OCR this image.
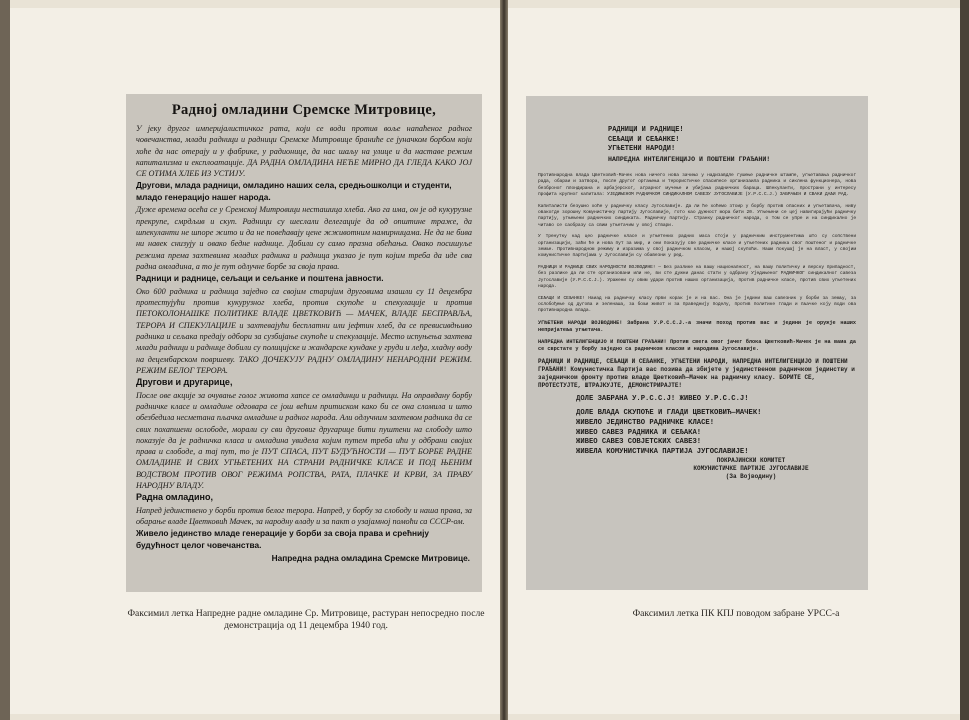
Радној омладини Сремске Митровице,
У јеку другог империјалистичког рата, који се води против воље напаћеног радног човечанства, млади радници и радници Сремске Митровице браниће се јуначком борбом који хоће да нас отерају и у фабрике, у радионице, да нас шаљу на улице и да наставе режим капитализма и експлоатације. ДА РАДНА ОМЛАДИНА НЕЋЕ МИРНО ДА ГЛЕДА КАКО ЈОЈ СЕ ОТИМА ХЛЕБ ИЗ УСТИЈУ.
Другови, млада радници, омладинo наших села, средњошколци и студенти, младо генерацијо нашег народа.
Дуже времена осећа се у Сремској Митровици несташица хлеба. Ако га има, он је од кукурузне прекрупе, смрдљив и скуп. Радници су шеслали делегације да од општине траже, да шпекуланти не шпоре жито и да не повећавају цене жживотним намирницама. Не да не бива ни навек снизују и овако бедне наднице. Добили су само празна обећања. Овако посишуље режима према захтевима младих радника и радница указао је пут којим треба да иде сва радна омладина, а то је пут одлучне борбе за своја права.
Радници и раднице, сељаци и сељанке и поштена јавности.
Око 600 радника и радница заједно са својим старијим друговима изашли су 11 децембра протестујући против кукурузног хлеба, против скупоће и спекулације и против ПЕТОКОЛОНАШКЕ ПОЛИТИКЕ ВЛАДЕ ЦВЕТКОВИЋ — МАЧЕК, ВЛАДЕ БЕСПРАВЉА, ТЕРОРА И СПЕКУЛАЦИЈЕ и захтевајући бесплатни или јефтин хлеб, да се превисивдњиво радника и сељака предају одбори за сузбијање скупоће и спекулације. Место испуњења захтева млади радници и раднице добили су полицијске и жандарске кундаке у груди и леђа, хладну воду на децембарском површеву. ТАКО ДОЧЕКУЈУ РАДНУ ОМЛАДИНУ НЕНАРОДНИ РЕЖИМ. РЕЖИМ БЕЛОГ ТЕРОРА.
Другови и другарице,
После ове акције за очување голог живота хапсе се омладинци и радници. На оправдану борбу радничке класе и омладине одговара се још већим притиском како би се она сломила и што обезбедила несметана пљачка омладине и радног народа. Али одлучним захтевом радника да се свих похапшени ослободе, морали су сви друговиг другарице бити пуштени на слободу што показује да је радничка класа и омладина увидела којим путем треба ићи у одбрани својих права и слободе, а тај пут, то је ПУТ СПАСА, ПУТ БУДУЋНОСТИ — ПУТ БОРБЕ РАДНЕ ОМЛАДИНЕ И СВИХ УГЊЕТЕНИХ НА СТРАНИ РАДНИЧКЕ КЛАСЕ И ПОД ЊЕНИМ ВОДСТВОМ ПРОТИВ ОВОГ РЕЖИМА РОПСТВА, РАТА, ПЛАЧКЕ И КРВИ, ЗА ПРАВУ НАРОДНУ ВЛАДУ.
Радна омладино,
Напред јединствено у борби против белог терора. Напред, у борбу за слободу и наша права, за обарање владе Цветковић Мачек, за народну владу и за пакт о узајамној помоћи са СССР-ом.
Живело јединство младе генерације у борби за своја права и срећнију будућност целог човечанства.
Напредна радна омладина Сремске Митровице.
Факсимил летка Напредне радне омладине Ср. Митровице, растуран непосредно после демонстрација од 11 децембра 1940 год.
РАДНИЦИ И РАДНИЦЕ!
СЕЉАЦИ И СЕЉАНКЕ!
УГЊЕТЕНИ НАРОДИ!
НАПРЕДНА ИНТЕЛИГЕНЦИЈО И ПОШТЕНИ ГРАЂАНИ!
Противнародна влада Цветковић-Мачек нова ничего нова зачињо у надизавдле гушење радничке штампе, угњетавања радничког рада, обараи и затвора, после другог оргањења и терористичке спасипесе организаила радника и сиклена функционера, нова безброног плондирана и арбајерског, аграрног мучење и убијања радничких бараца. Шпекуланти, пространи у интересу профита крупног капитала: УЈЕДИЊЕНОМ РАДНИЧКОМ СИНДИКАЛНОМ САВЕЗУ ЈУГОСЛАВИЈЕ (У.Р.С.С.Ј.) ЗАБРАЊЕН И СВАКИ ДАЉИ РАД.
Капиталисти безушно хоће у радничку класу Југославије. Да ли ће хоћемо зтоир у борбу против опасних и угњетавача, ниву овакогде зорошну Комунистичку партију Југославије, гото као дужност мора бити 20. Угњењени се цеј навигирајући радничку партију, угњењени радничких синдиката. Радничку партију. Странку радничког народа, о том се упре и на синдикално је читаво се саобразу са свим угњетачим у овој ствари.
У тренутку кад цео радничке класе и угњетених радних маса стоји у радничким инструментима што су сопствени организацији, заћи ће и нова пут за мир, и они показују све радничке класе и угњетених радника свог поштеног и радничке земље. Противнародном режиму и изразима у свој радничком класом, и нашој скупоћи. Наши покушај је на власт, у својим комунистичке партијама у Југославији су обавезни у ред.
РАДНИЦИ И РАДНИЦЕ СВИХ НАРОДНОСТИ ВОЈВОДИНЕ! — Без разлике на вашу националност, на вашу политичку и верску припадност, без разлике да ли сте организовани или не, ви сте дужни данас стати у одбрану Уједињеног РАДНИЧКОГ синдикалног савеза Југославије (У.Р.С.С.Ј.). Уражени су овим удари против наших организација, против радничке класе, против свих угњетених народа.
СЕЉАЦИ И СЕЉАНКЕ! Наиад на радничку класу први корак је и на вас. Она је једини ваш савезник у борби за земљу, за ослобођење од дугова и зеленаша, за бољи живот и за праведнију поделу, против политике глади и пљачке коју води ова противнародна влада.
УГЊЕТЕНИ НАРОДИ ВОЈВОДИНЕ! Забрана У.Р.С.С.Ј.-а значи поход против вас и једини је оружје наших непријатеља угњетача.
НАПРЕДНА ИНТЕЛИГЕНЦИЈО И ПОШТЕНИ ГРАЂАНИ! Против свега овог јачег блока Цветковић-Мачек је на вама да се сврстате у борбу заједно са радничком класом и народима Југославије.
РАДНИЦИ И РАДНИЦЕ, СЕЉАЦИ И СЕЉАНКЕ, УГЊЕТЕНИ НАРОДИ, НАПРЕДНА ИНТЕЛИГЕНЦИЈО И ПОШТЕНИ ГРАЂАНИ! Комунистичка Партија вас позива да збијете у јединственом радничком јединству и заједничком фронту против владе Цветковић—Мачек на радничку класу. БОРИТЕ СЕ, ПРОТЕСТУЈТЕ, ШТРАЈКУЈТЕ, ДЕМОНСТРИРАЈТЕ!
ДОЛЕ ЗАБРАНА У.Р.С.С.Ј! ЖИВЕО У.Р.С.С.Ј!
ДОЛЕ ВЛАДА СКУПОЋЕ И ГЛАДИ ЦВЕТКОВИЋ—МАЧЕК!
ЖИВЕЛО ЈЕДИНСТВО РАДНИЧКЕ КЛАСЕ!
ЖИВЕО САВЕЗ РАДНИКА И СЕЉАКА!
ЖИВЕО САВЕЗ СОВЈЕТСКИХ САВЕЗ!
ЖИВЕЛА КОМУНИСТИЧКА ПАРТИЈА ЈУГОСЛАВИЈЕ!
ПОКРАЈИНСКИ КОМИТЕТ
КОМУНИСТИЧКЕ ПАРТИЈЕ ЈУГОСЛАВИЈЕ
(За Војводину)
Факсимил летка ПК КПЈ поводом забране УРСС-а
